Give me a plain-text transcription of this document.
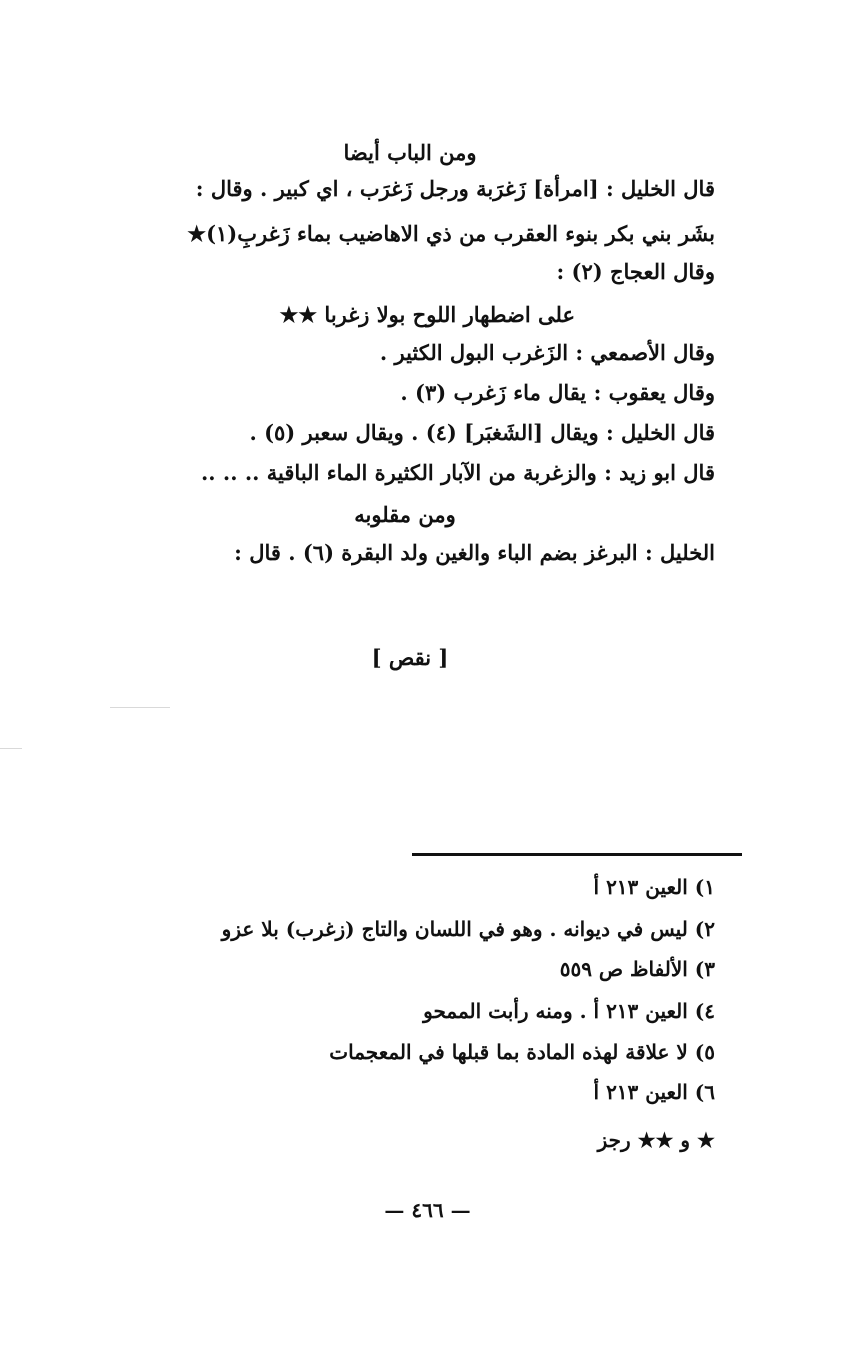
ومن الباب أيضا
قال الخليل : [امرأة] زَغرَبة ورجل زَغرَب ، اي كبير . وقال :
بشَر بني بكر بنوء العقرب من ذي الاهاضيب بماء زَغربِ(١)★
وقال العجاج (٢) :
على اضطهار اللوح بولا زغربا ★★
وقال الأصمعي : الزَغرب البول الكثير .
وقال يعقوب : يقال ماء زَغرب (٣) .
قال الخليل : ويقال [الشَغبَر] (٤) . ويقال سعبر (٥) .
قال ابو زيد : والزغربة من الآبار الكثيرة الماء الباقية .. .. ..
ومن مقلوبه
الخليل : البرغز بضم الباء والغين ولد البقرة (٦) . قال :
[ نقص ]
١) العين ٢١٣ أ
٢) ليس في ديوانه . وهو في اللسان والتاج (زغرب) بلا عزو
٣) الألفاظ ص ٥٥٩
٤) العين ٢١٣ أ . ومنه رأبت الممحو
٥) لا علاقة لهذه المادة بما قبلها في المعجمات
٦) العين ٢١٣ أ
★ و ★★ رجز
— ٤٦٦ —
